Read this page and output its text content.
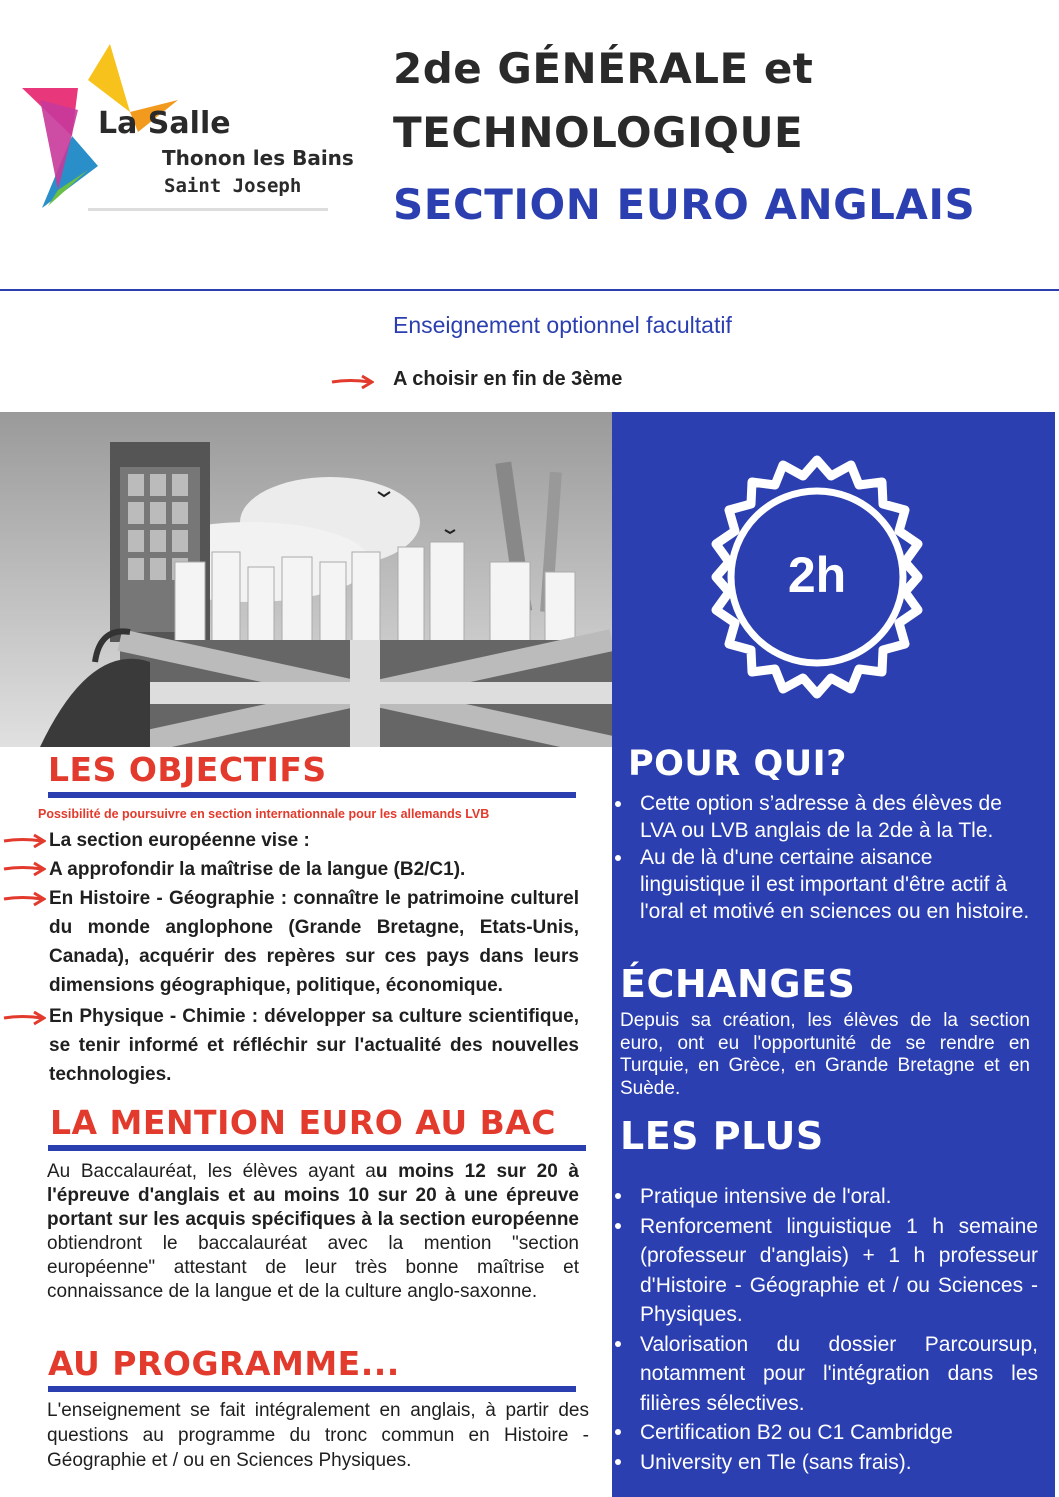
La Salle
Thonon les Bains
Saint Joseph
2de GÉNÉRALE et
TECHNOLOGIQUE
SECTION EURO ANGLAIS
Enseignement optionnel facultatif
A choisir en fin de 3ème
2h
POUR QUI?
Cette option s’adresse à des élèves de LVA ou LVB anglais de la 2de à la Tle.
Au de là d'une certaine aisance linguistique il est important d'être actif à l'oral et motivé en sciences ou en histoire.
ÉCHANGES
Depuis sa création, les élèves de la section euro, ont eu l'opportunité de se rendre en Turquie, en Grèce, en Grande Bretagne et en Suède.
LES PLUS
Pratique intensive de l'oral.
Renforcement linguistique 1 h semaine (professeur d'anglais) + 1 h professeur d'Histoire - Géographie et / ou Sciences - Physiques.
Valorisation du dossier Parcoursup, notamment pour l'intégration dans les filières sélectives.
Certification B2 ou C1 Cambridge
University en Tle (sans frais).
LES OBJECTIFS
Possibilité de poursuivre en section internationnale pour les allemands LVB
La section européenne vise :
A approfondir la maîtrise de la langue (B2/C1).
En Histoire - Géographie : connaître le patrimoine culturel du monde anglophone (Grande Bretagne, Etats-Unis, Canada), acquérir des repères sur ces pays dans leurs dimensions géographique, politique, économique.
En Physique - Chimie : développer sa culture scientifique, se tenir informé et réfléchir sur l'actualité des nouvelles technologies.
LA MENTION EURO AU BAC
Au Baccalauréat, les élèves ayant au moins 12 sur 20 à l'épreuve d'anglais et au moins 10 sur 20 à une épreuve portant sur les acquis spécifiques à la section européenne obtiendront le baccalauréat avec la mention "section européenne" attestant de leur très bonne maîtrise et connaissance de la langue et de la culture anglo-saxonne.
AU PROGRAMME...
L'enseignement se fait intégralement en anglais, à partir des questions au programme du tronc commun en Histoire - Géographie et / ou en Sciences Physiques.
